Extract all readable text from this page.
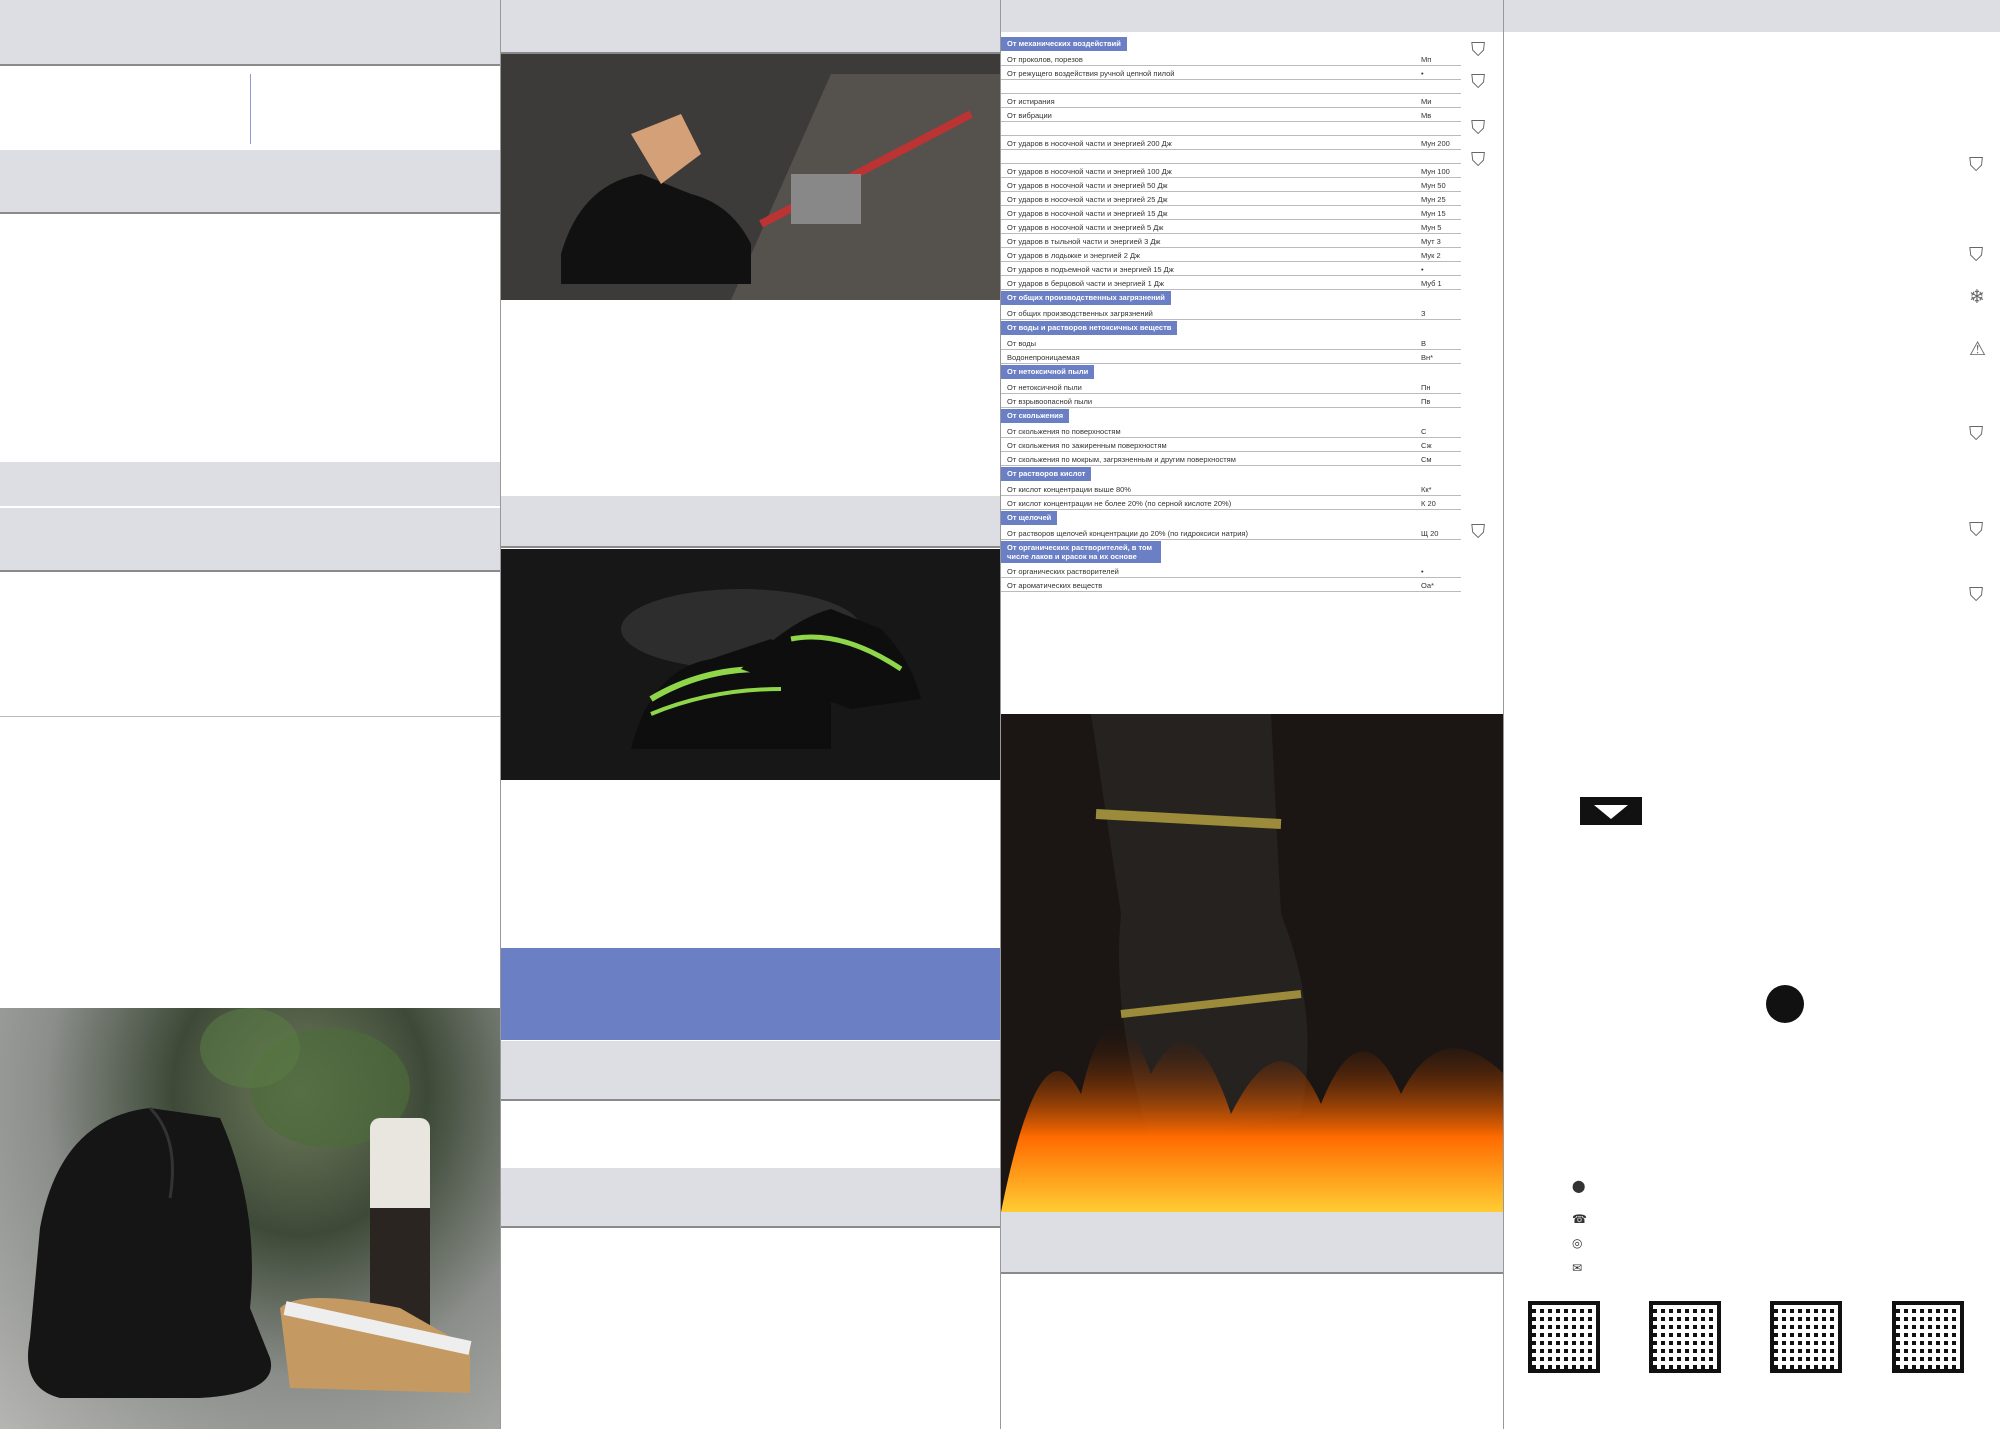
От механических воздействий
От проколов, порезов	Мп
От режущего воздействия ручной цепной пилой	•
От истирания	Ми
От вибрации	Мв
От ударов в носочной части и энергией 200 Дж	Мун 200
От ударов в носочной части и энергией 100 Дж	Мун 100
От ударов в носочной части и энергией 50 Дж	Мун 50
От ударов в носочной части и энергией 25 Дж	Мун 25
От ударов в носочной части и энергией 15 Дж	Мун 15
От ударов в носочной части и энергией 5 Дж	Мун 5
От ударов в тыльной части и энергией 3 Дж	Мут 3
От ударов в лодыжке и энергией 2 Дж	Мук 2
От ударов в подъемной части и энергией 15 Дж	•
От ударов в берцовой части и энергией 1 Дж	Муб 1
От общих производственных загрязнений
От общих производственных загрязнений	З
От воды и растворов нетоксичных веществ
От воды	В
Водонепроницаемая	Вн*
От нетоксичной пыли
От нетоксичной пыли	Пн
От взрывоопасной пыли	Пв
От скольжения
От скольжения по поверхностям	С
От скольжения по зажиренным поверхностям	Сж
От скольжения по мокрым, загрязненным и другим поверхностям	См
От растворов кислот
От кислот концентрации выше 80%	Кк*
От кислот концентрации не более 20% (по серной кислоте 20%)	К 20
От щелочей
От растворов щелочей концентрации до 20% (по гидроксиси натрия)	Щ 20
От органических растворителей, в том числе лаков и красок на их основе
От органических растворителей	•
От ароматических веществ	Оа*
⛉
⛉
⛉
⛉
⛉
⛉
⛉
❄
⚠
⛉
⛉
⛉
⬤
☎
◎
✉
